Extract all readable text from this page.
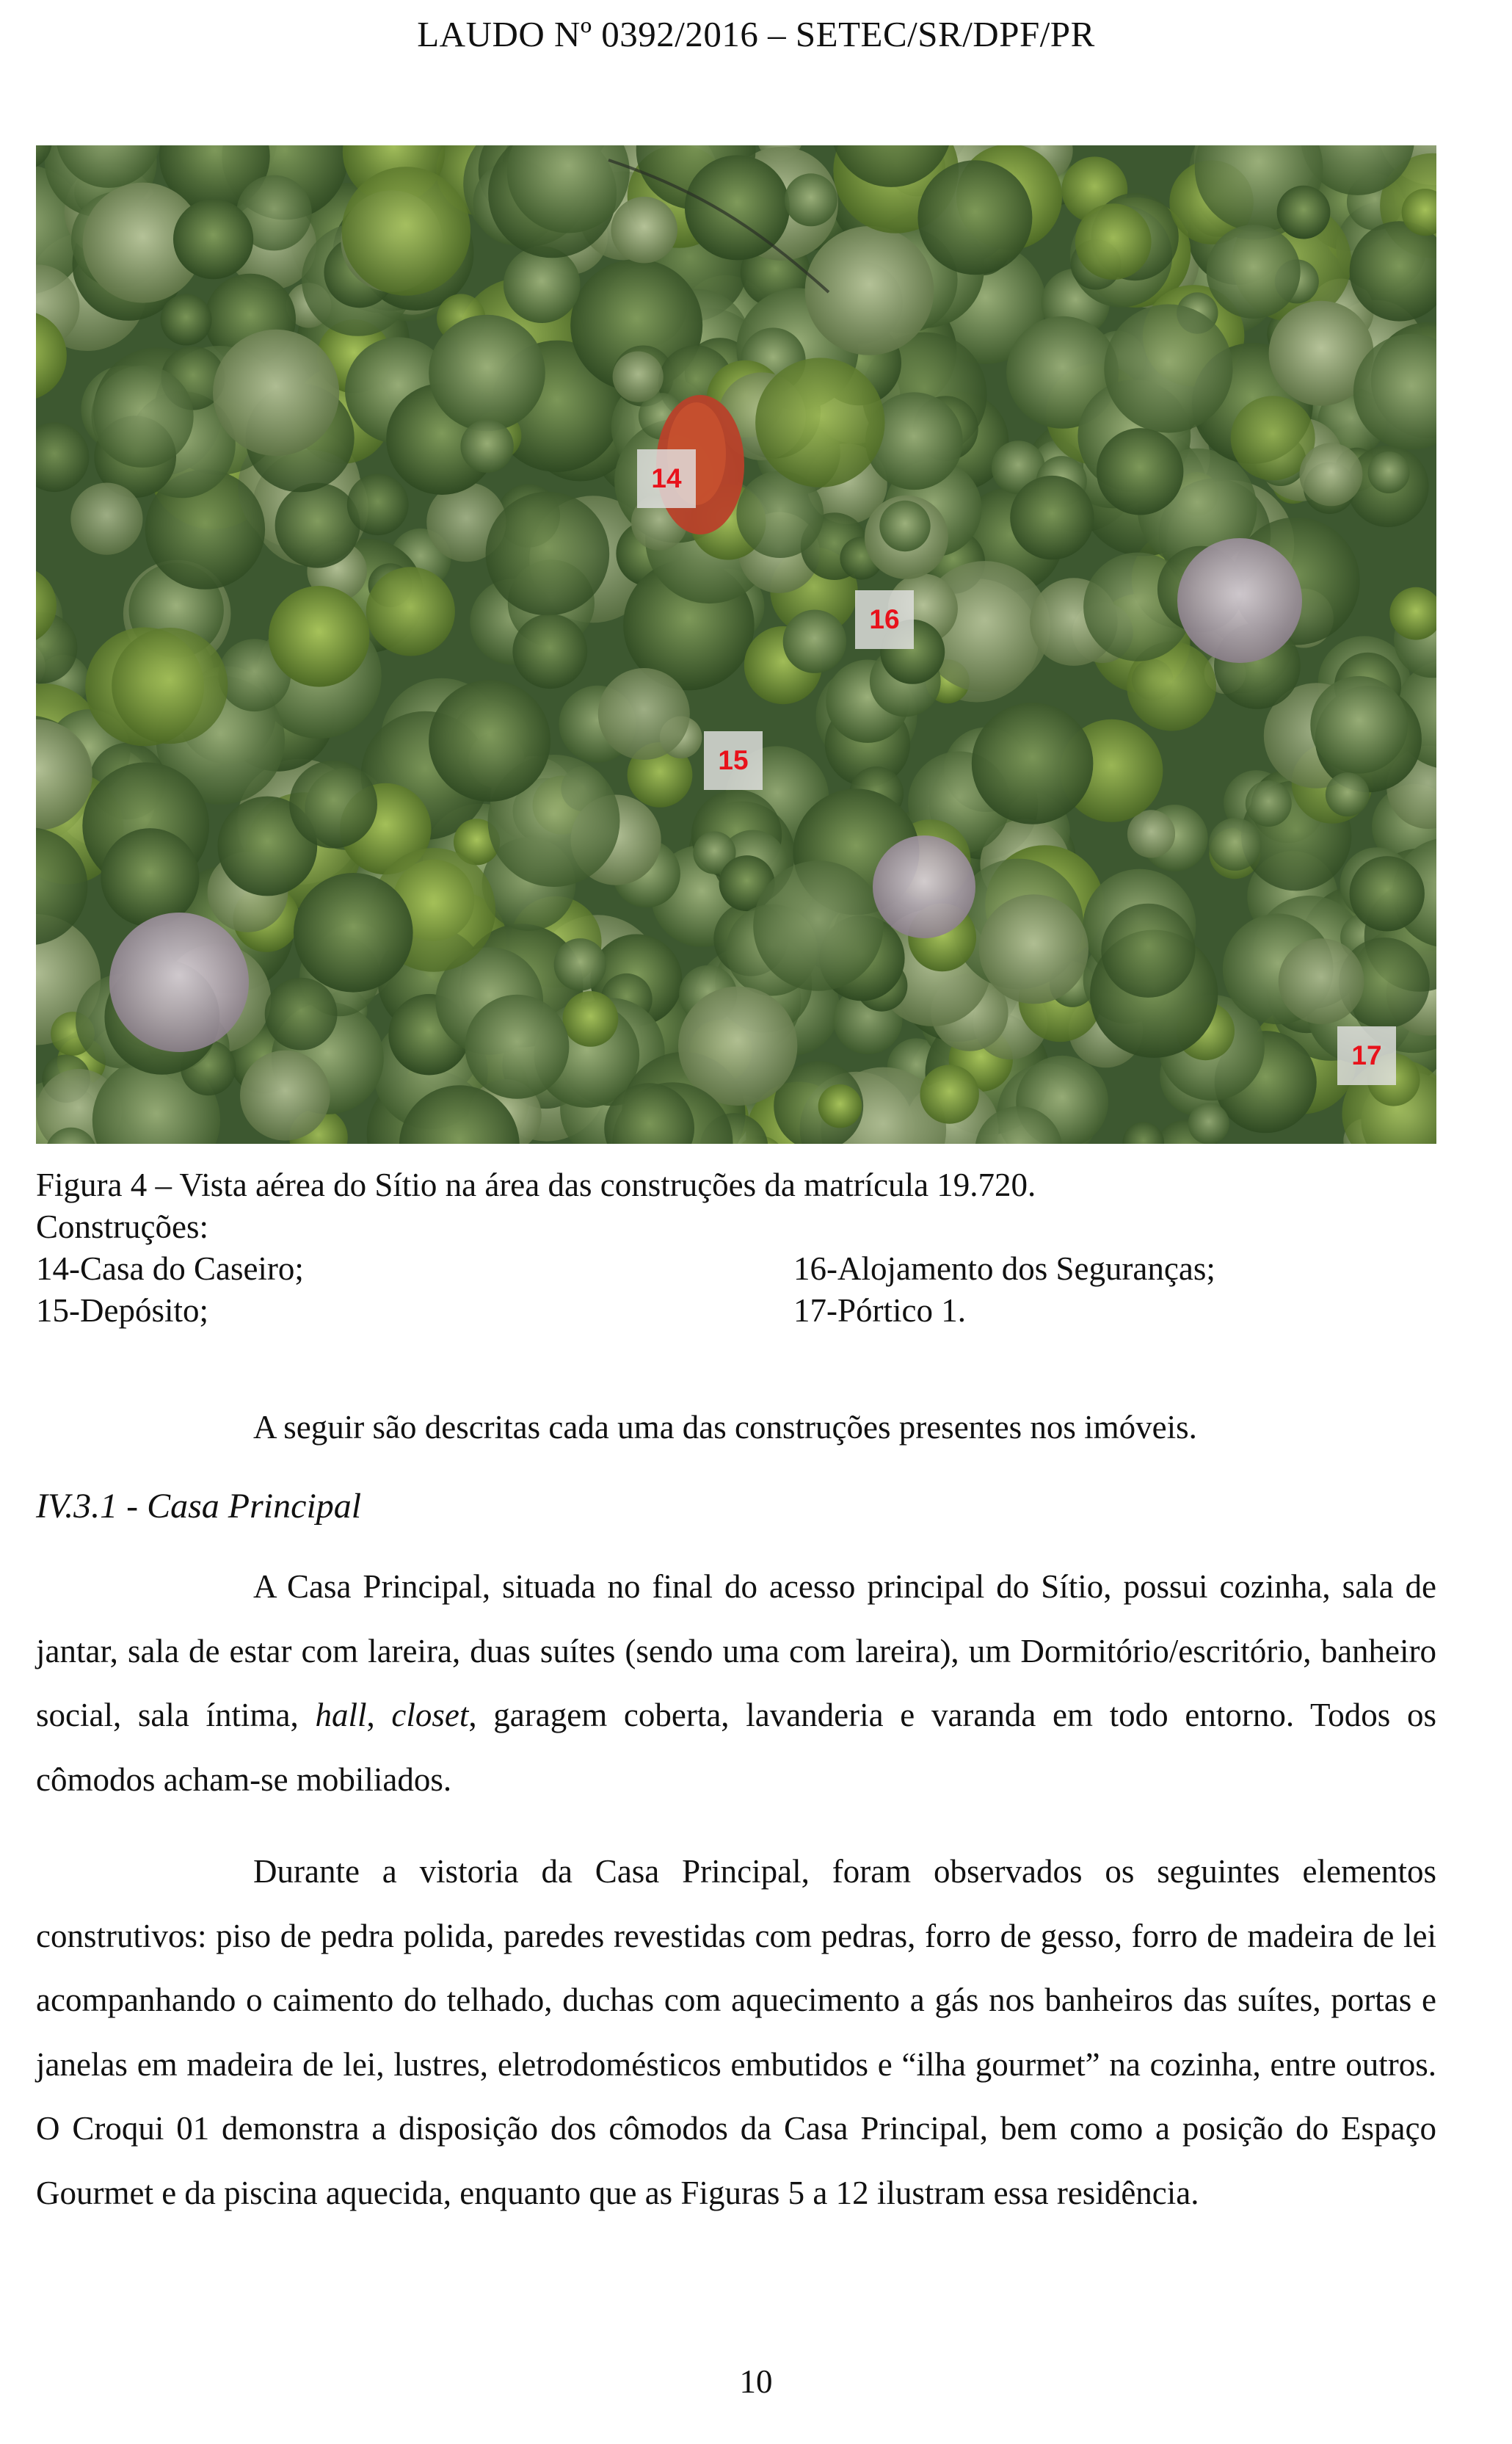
LAUDO Nº 0392/2016 – SETEC/SR/DPF/PR
14
16
15
17
Figura 4 – Vista aérea do Sítio na área das construções da matrícula 19.720.
Construções:
14-Casa do Caseiro;	16-Alojamento dos Seguranças;
15-Depósito;	17-Pórtico 1.
A seguir são descritas cada uma das construções presentes nos imóveis.
IV.3.1 - Casa Principal
A Casa Principal, situada no final do acesso principal do Sítio, possui cozinha, sala de jantar, sala de estar com lareira, duas suítes (sendo uma com lareira), um Dormitório/escritório, banheiro social, sala íntima, hall, closet, garagem coberta, lavanderia e varanda em todo entorno. Todos os cômodos acham-se mobiliados.
Durante a vistoria da Casa Principal, foram observados os seguintes elementos construtivos: piso de pedra polida, paredes revestidas com pedras, forro de gesso, forro de madeira de lei acompanhando o caimento do telhado, duchas com aquecimento a gás nos banheiros das suítes, portas e janelas em madeira de lei, lustres, eletrodomésticos embutidos e “ilha gourmet” na cozinha, entre outros. O Croqui 01 demonstra a disposição dos cômodos da Casa Principal, bem como a posição do Espaço Gourmet e da piscina aquecida, enquanto que as Figuras 5 a 12 ilustram essa residência.
10
